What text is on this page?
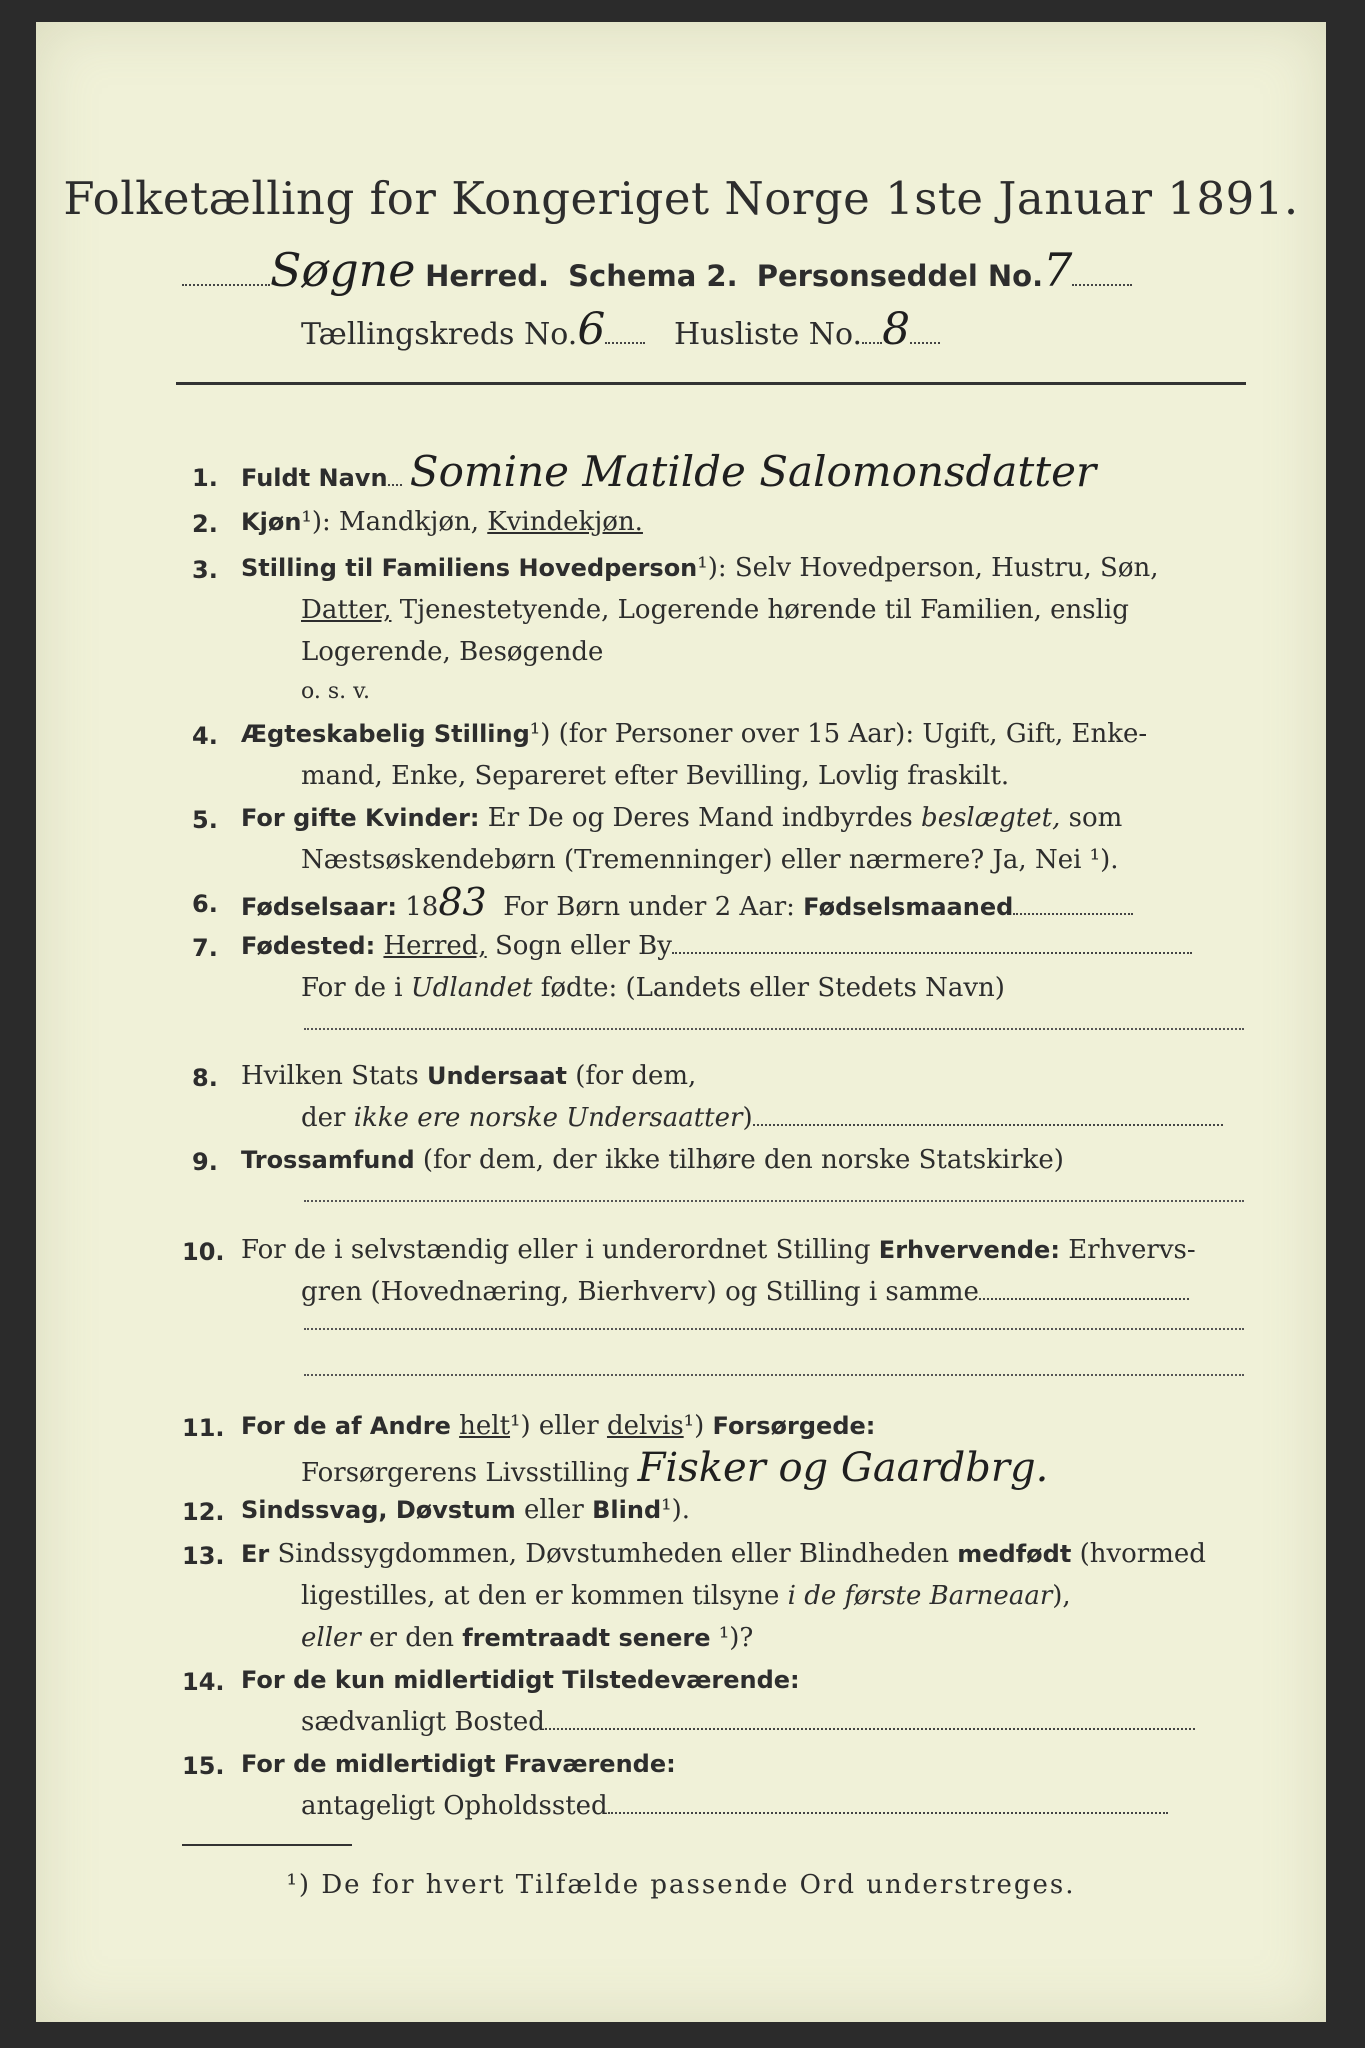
Folketælling for Kongeriget Norge 1ste Januar 1891.
Søgne Herred. Schema 2. Personseddel No.7
Tællingskreds No.6 Husliste No. 8
1. Fuldt Navn Somine Matilde Salomonsdatter
2. Kjøn¹): Mandkjøn, Kvindekjøn.
3. Stilling til Familiens Hovedperson¹): Selv Hovedperson, Hustru, Søn,
Datter, Tjenestetyende, Logerende hørende til Familien, enslig
Logerende, Besøgende
o. s. v.
4. Ægteskabelig Stilling¹) (for Personer over 15 Aar): Ugift, Gift, Enke-
mand, Enke, Separeret efter Bevilling, Lovlig fraskilt.
5. For gifte Kvinder: Er De og Deres Mand indbyrdes beslægtet, som
Næstsøskendebørn (Tremenninger) eller nærmere? Ja, Nei ¹).
6. Fødselsaar: 1883 For Børn under 2 Aar: Fødselsmaaned
7. Fødested: Herred, Sogn eller By
For de i Udlandet fødte: (Landets eller Stedets Navn)
8. Hvilken Stats Undersaat (for dem,
der ikke ere norske Undersaatter)
9. Trossamfund (for dem, der ikke tilhøre den norske Statskirke)
10. For de i selvstændig eller i underordnet Stilling Erhvervende: Erhvervs-
gren (Hovednæring, Bierhverv) og Stilling i samme
11. For de af Andre helt¹) eller delvis¹) Forsørgede:
Forsørgerens Livsstilling Fisker og Gaardbrg.
12. Sindssvag, Døvstum eller Blind¹).
13. Er Sindssygdommen, Døvstumheden eller Blindheden medfødt (hvormed
ligestilles, at den er kommen tilsyne i de første Barneaar),
eller er den fremtraadt senere ¹)?
14. For de kun midlertidigt Tilstedeværende:
sædvanligt Bosted
15. For de midlertidigt Fraværende:
antageligt Opholdssted
¹) De for hvert Tilfælde passende Ord understreges.
